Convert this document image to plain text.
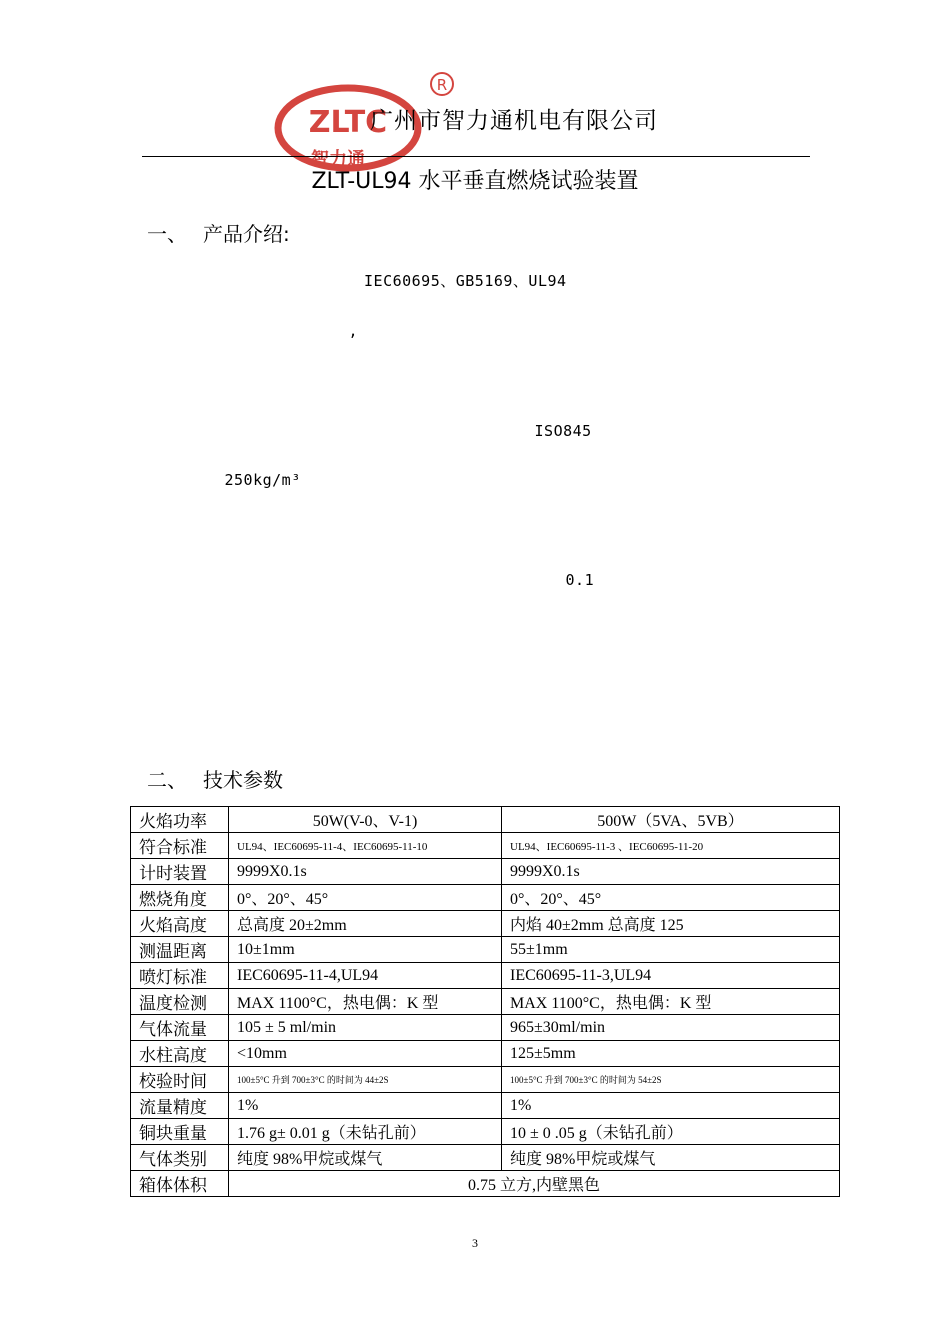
ZLTC
智力通
R
广州市智力通机电有限公司
ZLT-UL94 水平垂直燃烧试验装置
一、 产品介绍:
　　　　　　　　　　　　　　IEC60695、GB5169、UL94　　　　　　　　　
　　　　　　　　　　　　　,　　　　　　　　　　　　　　　　　　　　

　　　　　　　　　　　　　　　　　　　　　　　　　ISO845　　　　　　　
　　　　　250kg/m³　　　　　　　　　　　　　　　　　　　　　　

　　　　　　　　　　　　　　　　　　　　　　　　　　　0.1　　　　　

二、 技术参数
火焰功率	50W(V-0、V-1)	500W（5VA、5VB）
符合标准	UL94、IEC60695-11-4、IEC60695-11-10	UL94、IEC60695-11-3 、IEC60695-11-20
计时装置	9999X0.1s	9999X0.1s
燃烧角度	0°、20°、45°	0°、20°、45°
火焰高度	总高度 20±2mm	内焰 40±2mm 总高度 125
测温距离	10±1mm	55±1mm
喷灯标准	IEC60695-11-4,UL94	IEC60695-11-3,UL94
温度检测	MAX 1100°C，热电偶：K 型	MAX 1100°C，热电偶：K 型
气体流量	105 ± 5 ml/min	965±30ml/min
水柱高度	<10mm	125±5mm
校验时间	100±5°C 升到 700±3°C 的时间为 44±2S	100±5°C 升到 700±3°C 的时间为 54±2S
流量精度	1%	1%
铜块重量	1.76 g± 0.01 g（未钻孔前）	10 ± 0 .05 g（未钻孔前）
气体类别	纯度 98%甲烷或煤气	纯度 98%甲烷或煤气
箱体体积	0.75 立方,内壁黑色	
3
